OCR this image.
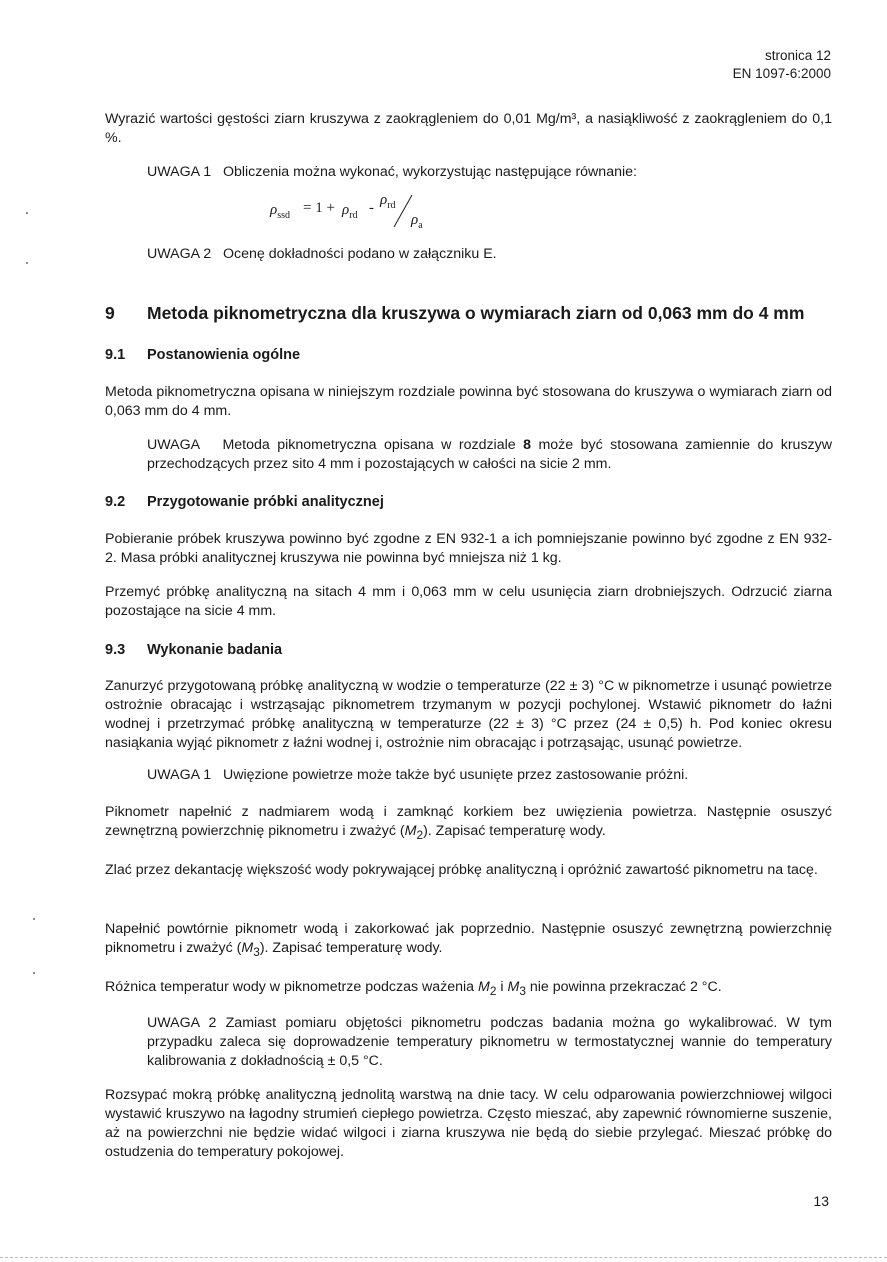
stronica 12
EN 1097-6:2000

Wyrazić wartości gęstości ziarn kruszywa z zaokrągleniem do 0,01 Mg/m³, a nasiąkliwość z zaokrągleniem do 0,1 %.

UWAGA 1 Obliczenia można wykonać, wykorzystując następujące równanie:

$\rho_{ssd} = 1 + \rho_{rd} - \rho_{rd}$
$\rho_a$

UWAGA 2 Ocenę dokładności podano w załączniku E.

9 Metoda piknometryczna dla kruszywa o wymiarach ziarn od 0,063 mm do 4 mm
9.1 Postanowienia ogólne

Metoda piknometryczna opisana w niniejszym rozdziale powinna być stosowana do kruszywa o wymiarach ziarn od 0,063 mm do 4 mm.

UWAGA Metoda piknometryczna opisana w rozdziale 8 może być stosowana zamiennie do kruszyw przechodzących przez sito 4 mm i pozostających w całości na sicie 2 mm.

9.2 Przygotowanie próbki analitycznej

Pobieranie próbek kruszywa powinno być zgodne z EN 932-1 a ich pomniejszanie powinno być zgodne z EN 932-2. Masa próbki analitycznej kruszywa nie powinna być mniejsza niż 1 kg.

Przemyć próbkę analityczną na sitach 4 mm i 0,063 mm w celu usunięcia ziarn drobniejszych. Odrzucić ziarna pozostające na sicie 4 mm.

9.3 Wykonanie badania

Zanurzyć przygotowaną próbkę analityczną w wodzie o temperaturze (22 ± 3) °C w piknometrze i usunąć powietrze ostrożnie obracając i wstrząsając piknometrem trzymanym w pozycji pochylonej. Wstawić piknometr do łaźni wodnej i przetrzymać próbkę analityczną w temperaturze (22 ± 3) °C przez (24 ± 0,5) h. Pod koniec okresu nasiąkania wyjąć piknometr z łaźni wodnej i, ostrożnie nim obracając i potrząsając, usunąć powietrze.

UWAGA 1 Uwięzione powietrze może także być usunięte przez zastosowanie próżni.

Piknometr napełnić z nadmiarem wodą i zamknąć korkiem bez uwięzienia powietrza. Następnie osuszyć zewnętrzną powierzchnię piknometru i zważyć $(M_2)$. Zapisać temperaturę wody.

Zlać przez dekantację większość wody pokrywającej próbkę analityczną i opróżnić zawartość piknometru na tacę.

Napełnić powtórnie piknometr wodą i zakorkować jak poprzednio. Następnie osuszyć zewnętrzną powierzchnię piknometru i zważyć $(M_3)$. Zapisać temperaturę wody.

Różnica temperatur wody w piknometrze podczas ważenia $M_2$ i $M_3$ nie powinna przekraczać 2 °C.

UWAGA 2 Zamiast pomiaru objętości piknometru podczas badania można go wykalibrować. W tym przypadku zaleca się doprowadzenie temperatury piknometru w termostatycznej wannie do temperatury kalibrowania z dokładnością ± 0,5 °C.

Rozsypać mokrą próbkę analityczną jednolitą warstwą na dnie tacy. W celu odparowania powierzchniowej wilgoci wystawić kruszywo na łagodny strumień ciepłego powietrza. Często mieszać, aby zapewnić równomierne suszenie, aż na powierzchni nie będzie widać wilgoci i ziarna kruszywa nie będą do siebie przylegać. Mieszać próbkę do ostudzenia do temperatury pokojowej.

13
